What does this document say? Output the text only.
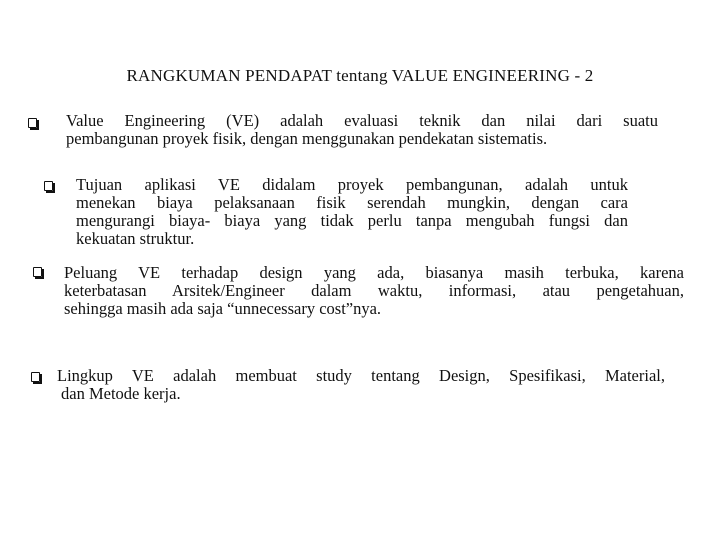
RANGKUMAN PENDAPAT tentang VALUE ENGINEERING - 2
Value Engineering (VE) adalah evaluasi teknik dan nilai dari suatu
pembangunan proyek fisik, dengan menggunakan pendekatan sistematis.
Tujuan aplikasi VE didalam proyek pembangunan, adalah untuk
menekan biaya pelaksanaan fisik serendah mungkin, dengan cara
mengurangi biaya- biaya yang tidak perlu tanpa mengubah fungsi dan
kekuatan struktur.
Peluang VE terhadap design yang ada, biasanya masih terbuka, karena
keterbatasan Arsitek/Engineer dalam waktu, informasi, atau pengetahuan,
sehingga masih ada saja “unnecessary cost”nya.
Lingkup VE adalah membuat study tentang Design, Spesifikasi, Material,
dan Metode kerja.
